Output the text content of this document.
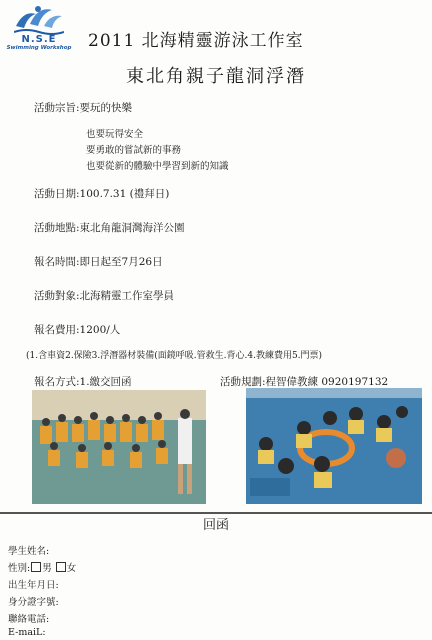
N.S.E
Swimming Workshop 2011 北海精靈游泳工作室
東北角親子龍洞浮潛
活動宗旨:要玩的快樂
也要玩得安全
要勇敢的嘗試新的事務
也要從新的體驗中學習到新的知識
活動日期:100.7.31 (禮拜日)
活動地點:東北角龍洞灣海洋公園
報名時間:即日起至7月26日
活動對象:北海精靈工作室學員
報名費用:1200/人
(1.含車資2.保險3.浮潛器材裝備(面鏡呼吸.管救生.背心.4.教練費用5.門票)
報名方式:1.繳交回函	活動規劃:程智偉教練 0920197132
回函
學生姓名:
性別: 男 女
出生年月日:
身分證字號:
聯絡電話:
E-maiL:
